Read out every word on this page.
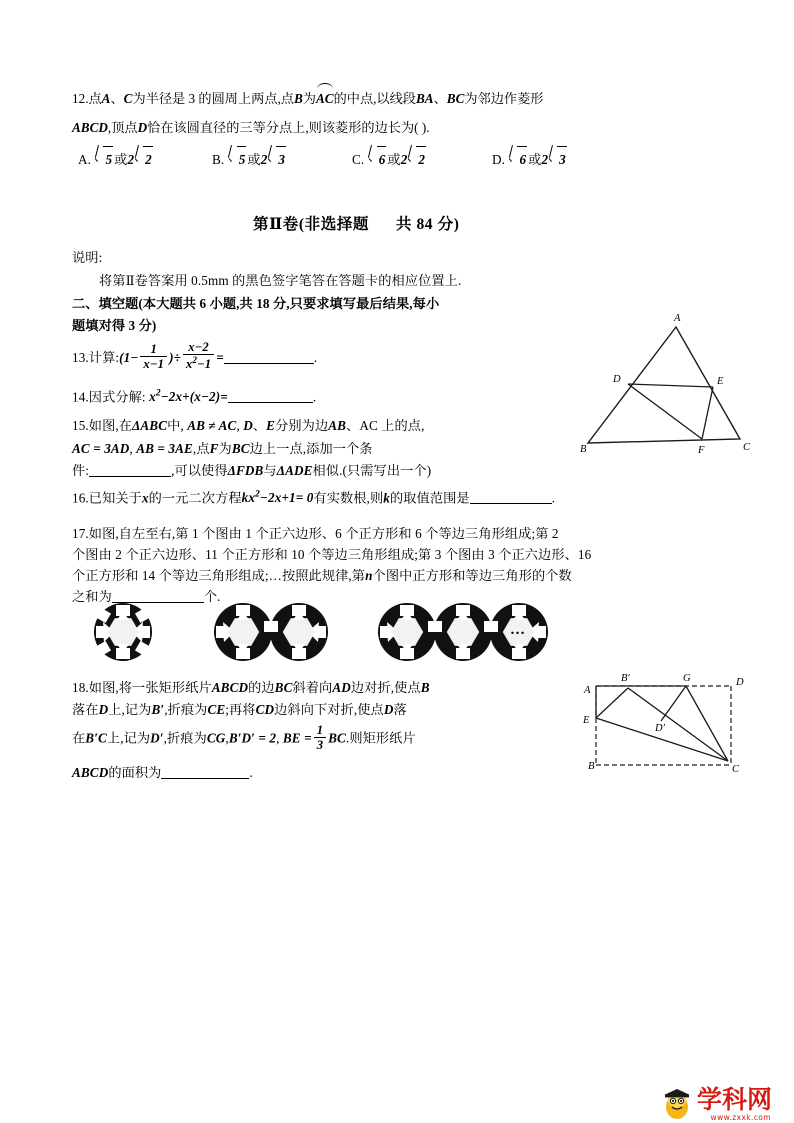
12.点A、C为半径是 3 的圆周上两点,点B为AC的中点,以线段BA、BC为邻边作菱形
ABCD,顶点D恰在该圆直径的三等分点上,则该菱形的边长为( ).
A. 5 或2 2	B. 5 或2 3	C. 6 或2 2	D. 6 或2 3
第Ⅱ卷(非选择题      共 84 分)
说明:
将第Ⅱ卷答案用 0.5mm 的黑色签字笔答在答题卡的相应位置上.
二、填空题(本大题共 6 小题,共 18 分,只要求填写最后结果,每小
题填对得 3 分)
13.计算:(1− $\frac{1}{x-1}$ )÷ $\frac{x-2}{x^2-1}$ =	.
14.因式分解: $x^2-2x+(x-2)=$	.
15.如图,在ΔABC中, AB ≠ AC, D、E分别为边AB、AC 上的点,
AC = 3AD, AB = 3AE,点F为BC边上一点,添加一个条
件:	,可以使得ΔFDB与ΔADE相似.(只需写出一个)
A
B	C
D	E
F
16.已知关于x的一元二次方程$kx^2-2x+1= 0$有实数根,则k的取值范围是	.
17.如图,自左至右,第 1 个图由 1 个正六边形、6 个正方形和 6 个等边三角形组成;第 2
个图由 2 个正六边形、11 个正方形和 10 个等边三角形组成;第 3 个图由 3 个正六边形、16
个正方形和 14 个等边三角形组成;…按照此规律,第n个图中正方形和等边三角形的个数
之和为	个.
…
18.如图,将一张矩形纸片ABCD的边BC斜着向AD边对折,使点B
落在D上,记为B′,折痕为CE;再将CD边斜向下对折,使点D落
在B′C上,记为D′,折痕为CG,B′D′ = 2, BE = $\frac{1}{3}$ BC.则矩形纸片
ABCD的面积为	.
A
B	C
D
E
G
B′
D′
学科网
www.zxxk.com
